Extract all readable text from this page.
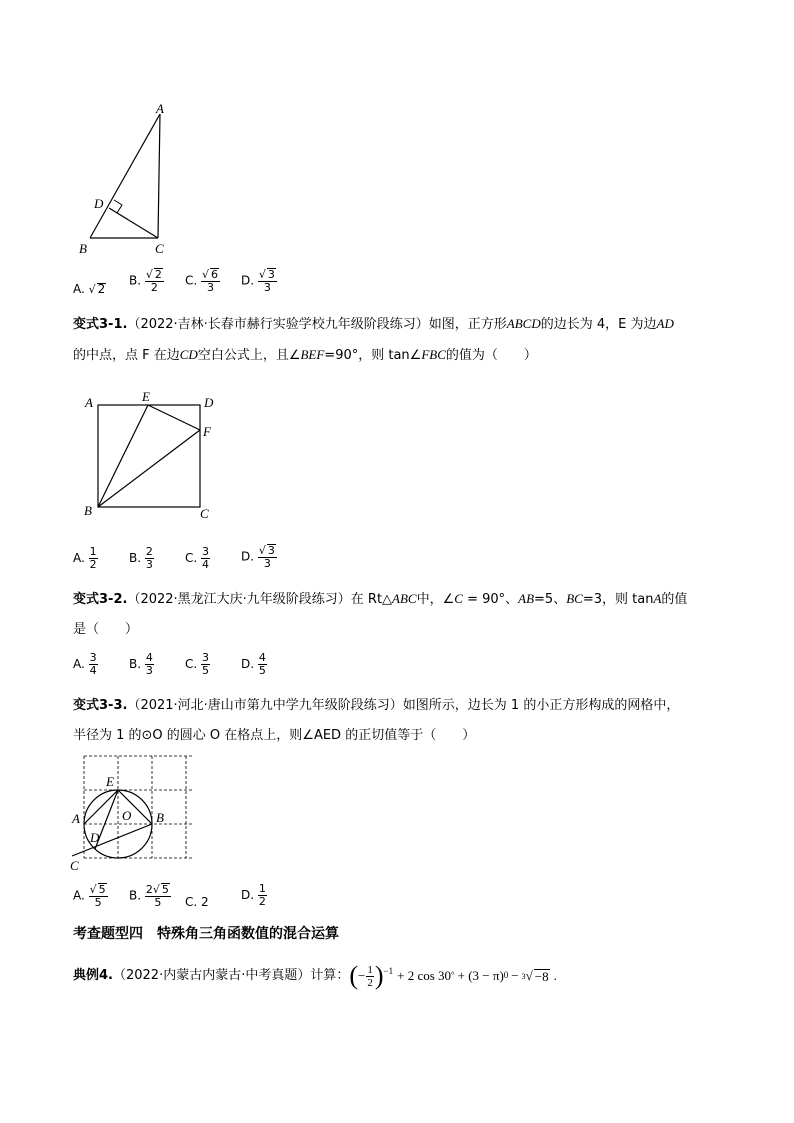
A
D
B	C
A. √ 2
B. $\frac{√ 2}{2} C$. $\frac{√ 6}{3} D$. $\frac{√ 3}{3}$
变式3-1.（2022·吉林·长春市赫行实验学校九年级阶段练习）如图，正方形ABCD的边长为 4，E 为边AD
的中点，点 F 在边CD空白公式上，且∠BEF=90°，则 tan∠FBC的值为（　　）
A	E	D
F
B	C
A. $\frac{1}{2}$	B. $\frac{2}{3}$	C. $\frac{3}{4}$	D. $\frac{√ 3}{3}$
变式3-2.（2022·黑龙江大庆·九年级阶段练习）在 Rt△ABC中，∠C = 90°、AB=5、BC=3，则 tanA的值
是（　　）
A. $\frac{3}{4}$	B. $\frac{4}{3}$	C. $\frac{3}{5}$	D. $\frac{4}{5}$
变式3-3.（2021·河北·唐山市第九中学九年级阶段练习）如图所示，边长为 1 的小正方形构成的网格中，
半径为 1 的⊙O 的圆心 O 在格点上，则∠AED 的正切值等于（　　）
E
A	O B
D
C
A. $\frac{√ 5}{5} B$. $\frac{2√ 5}{5} C$. 2	D. $\frac{1}{2}$
考查题型四　特殊角三角函数值的混合运算
典例4. （2022·内蒙古内蒙古·中考真题）计算： ( − $\frac{1}{2} )^{-1} + 2$ cos 30 ° + (3 − π) 0 − 3 √ −8 .
